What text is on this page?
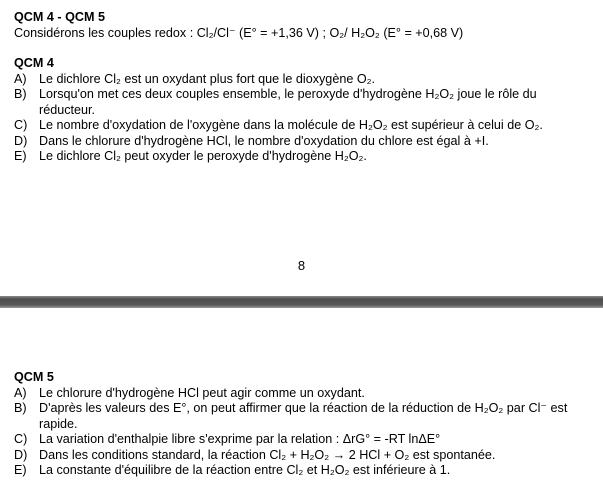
QCM 4 - QCM 5

Considérons les couples redox : Cl₂/Cl⁻ (E° = +1,36 V) ; O₂/ H₂O₂ (E° = +0,68 V)

QCM 4

A) Le dichlore Cl₂ est un oxydant plus fort que le dioxygène O₂.
B) Lorsqu'on met ces deux couples ensemble, le peroxyde d'hydrogène H₂O₂ joue le rôle du réducteur.
C) Le nombre d'oxydation de l'oxygène dans la molécule de H₂O₂ est supérieur à celui de O₂.
D) Dans le chlorure d'hydrogène HCl, le nombre d'oxydation du chlore est égal à +I.
E) Le dichlore Cl₂ peut oxyder le peroxyde d'hydrogène H₂O₂.
8

QCM 5

A) Le chlorure d'hydrogène HCl peut agir comme un oxydant.
B) D'après les valeurs des E°, on peut affirmer que la réaction de la réduction de H₂O₂ par Cl⁻ est rapide.
C) La variation d'enthalpie libre s'exprime par la relation : ΔrG° = -RT lnΔE°
D) Dans les conditions standard, la réaction Cl₂ + H₂O₂ → 2 HCl + O₂ est spontanée.
E) La constante d'équilibre de la réaction entre Cl₂ et H₂O₂ est inférieure à 1.
